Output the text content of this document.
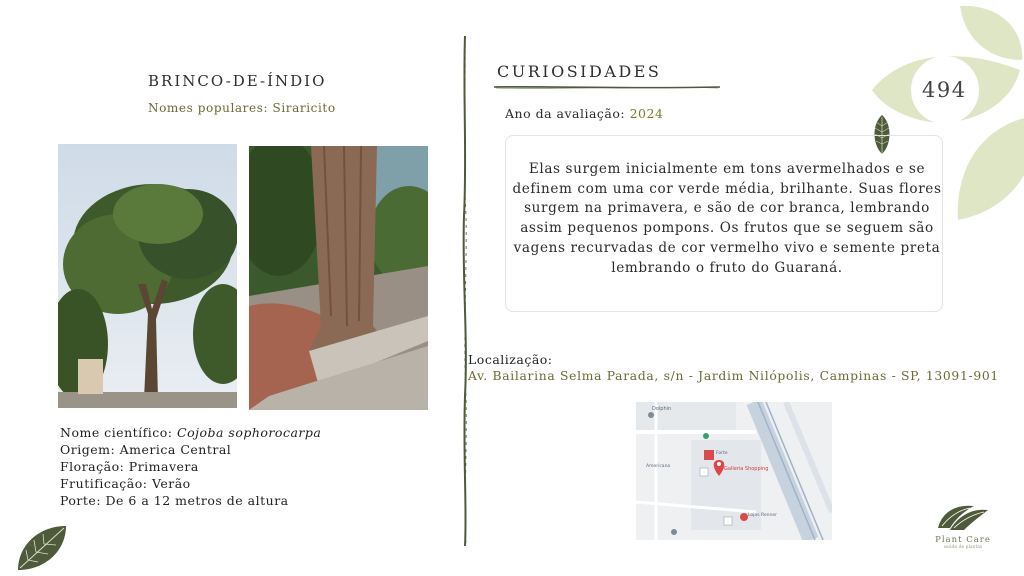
494
BRINCO-DE-ÍNDIO
Nomes populares: Siraricito
Nome científico: Cojoba sophorocarpa
Origem: America Central
Floração: Primavera
Frutificação: Verão
Porte: De 6 a 12 metros de altura
CURIOSIDADES
Ano da avaliação: 2024
Elas surgem inicialmente em tons avermelhados e se definem com uma cor verde média, brilhante. Suas flores surgem na primavera, e são de cor branca, lembrando assim pequenos pompons. Os frutos que se seguem são vagens recurvadas de cor vermelho vivo e semente preta lembrando o fruto do Guaraná.
Localização:
Av. Bailarina Selma Parada, s/n - Jardim Nilópolis, Campinas - SP, 13091-901
Dolphin
Galleria Shopping
Lojas Renner
Forte
Americana
Plant Care
saúde de plantas
